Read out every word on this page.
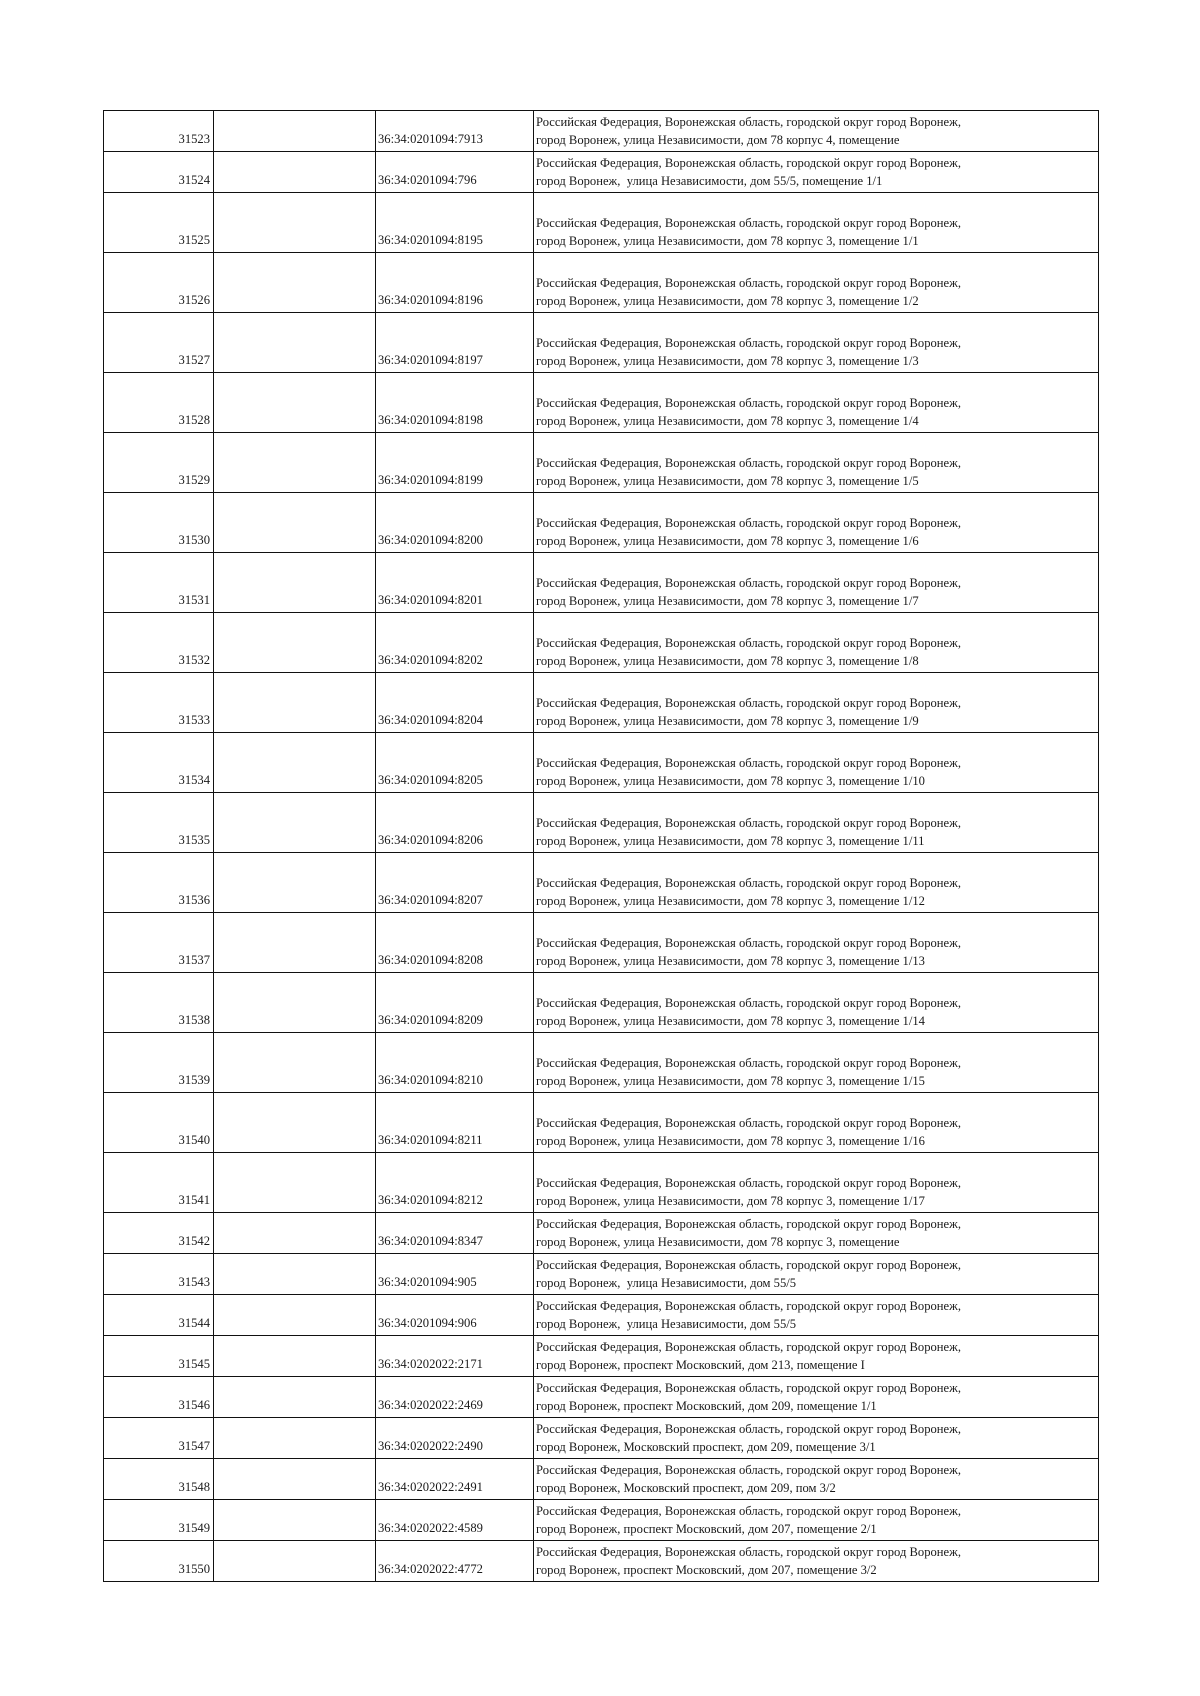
31523		36:34:0201094:7913	Российская Федерация, Воронежская область, городской округ город Воронеж,
город Воронеж, улица Независимости, дом 78 корпус 4, помещение

31524		36:34:0201094:796	Российская Федерация, Воронежская область, городской округ город Воронеж,
город Воронеж,  улица Независимости, дом 55/5, помещение 1/1

31525		36:34:0201094:8195	Российская Федерация, Воронежская область, городской округ город Воронеж,
город Воронеж, улица Независимости, дом 78 корпус 3, помещение 1/1

31526		36:34:0201094:8196	Российская Федерация, Воронежская область, городской округ город Воронеж,
город Воронеж, улица Независимости, дом 78 корпус 3, помещение 1/2

31527		36:34:0201094:8197	Российская Федерация, Воронежская область, городской округ город Воронеж,
город Воронеж, улица Независимости, дом 78 корпус 3, помещение 1/3

31528		36:34:0201094:8198	Российская Федерация, Воронежская область, городской округ город Воронеж,
город Воронеж, улица Независимости, дом 78 корпус 3, помещение 1/4

31529		36:34:0201094:8199	Российская Федерация, Воронежская область, городской округ город Воронеж,
город Воронеж, улица Независимости, дом 78 корпус 3, помещение 1/5

31530		36:34:0201094:8200	Российская Федерация, Воронежская область, городской округ город Воронеж,
город Воронеж, улица Независимости, дом 78 корпус 3, помещение 1/6

31531		36:34:0201094:8201	Российская Федерация, Воронежская область, городской округ город Воронеж,
город Воронеж, улица Независимости, дом 78 корпус 3, помещение 1/7

31532		36:34:0201094:8202	Российская Федерация, Воронежская область, городской округ город Воронеж,
город Воронеж, улица Независимости, дом 78 корпус 3, помещение 1/8

31533		36:34:0201094:8204	Российская Федерация, Воронежская область, городской округ город Воронеж,
город Воронеж, улица Независимости, дом 78 корпус 3, помещение 1/9

31534		36:34:0201094:8205	Российская Федерация, Воронежская область, городской округ город Воронеж,
город Воронеж, улица Независимости, дом 78 корпус 3, помещение 1/10

31535		36:34:0201094:8206	Российская Федерация, Воронежская область, городской округ город Воронеж,
город Воронеж, улица Независимости, дом 78 корпус 3, помещение 1/11

31536		36:34:0201094:8207	Российская Федерация, Воронежская область, городской округ город Воронеж,
город Воронеж, улица Независимости, дом 78 корпус 3, помещение 1/12

31537		36:34:0201094:8208	Российская Федерация, Воронежская область, городской округ город Воронеж,
город Воронеж, улица Независимости, дом 78 корпус 3, помещение 1/13

31538		36:34:0201094:8209	Российская Федерация, Воронежская область, городской округ город Воронеж,
город Воронеж, улица Независимости, дом 78 корпус 3, помещение 1/14

31539		36:34:0201094:8210	Российская Федерация, Воронежская область, городской округ город Воронеж,
город Воронеж, улица Независимости, дом 78 корпус 3, помещение 1/15

31540		36:34:0201094:8211	Российская Федерация, Воронежская область, городской округ город Воронеж,
город Воронеж, улица Независимости, дом 78 корпус 3, помещение 1/16

31541		36:34:0201094:8212	Российская Федерация, Воронежская область, городской округ город Воронеж,
город Воронеж, улица Независимости, дом 78 корпус 3, помещение 1/17

31542		36:34:0201094:8347	Российская Федерация, Воронежская область, городской округ город Воронеж,
город Воронеж, улица Независимости, дом 78 корпус 3, помещение

31543		36:34:0201094:905	Российская Федерация, Воронежская область, городской округ город Воронеж,
город Воронеж,  улица Независимости, дом 55/5

31544		36:34:0201094:906	Российская Федерация, Воронежская область, городской округ город Воронеж,
город Воронеж,  улица Независимости, дом 55/5

31545		36:34:0202022:2171	Российская Федерация, Воронежская область, городской округ город Воронеж,
город Воронеж, проспект Московский, дом 213, помещение I

31546		36:34:0202022:2469	Российская Федерация, Воронежская область, городской округ город Воронеж,
город Воронеж, проспект Московский, дом 209, помещение 1/1

31547		36:34:0202022:2490	Российская Федерация, Воронежская область, городской округ город Воронеж,
город Воронеж, Московский проспект, дом 209, помещение 3/1

31548		36:34:0202022:2491	Российская Федерация, Воронежская область, городской округ город Воронеж,
город Воронеж, Московский проспект, дом 209, пом 3/2

31549		36:34:0202022:4589	Российская Федерация, Воронежская область, городской округ город Воронеж,
город Воронеж, проспект Московский, дом 207, помещение 2/1

31550		36:34:0202022:4772	Российская Федерация, Воронежская область, городской округ город Воронеж,
город Воронеж, проспект Московский, дом 207, помещение 3/2
